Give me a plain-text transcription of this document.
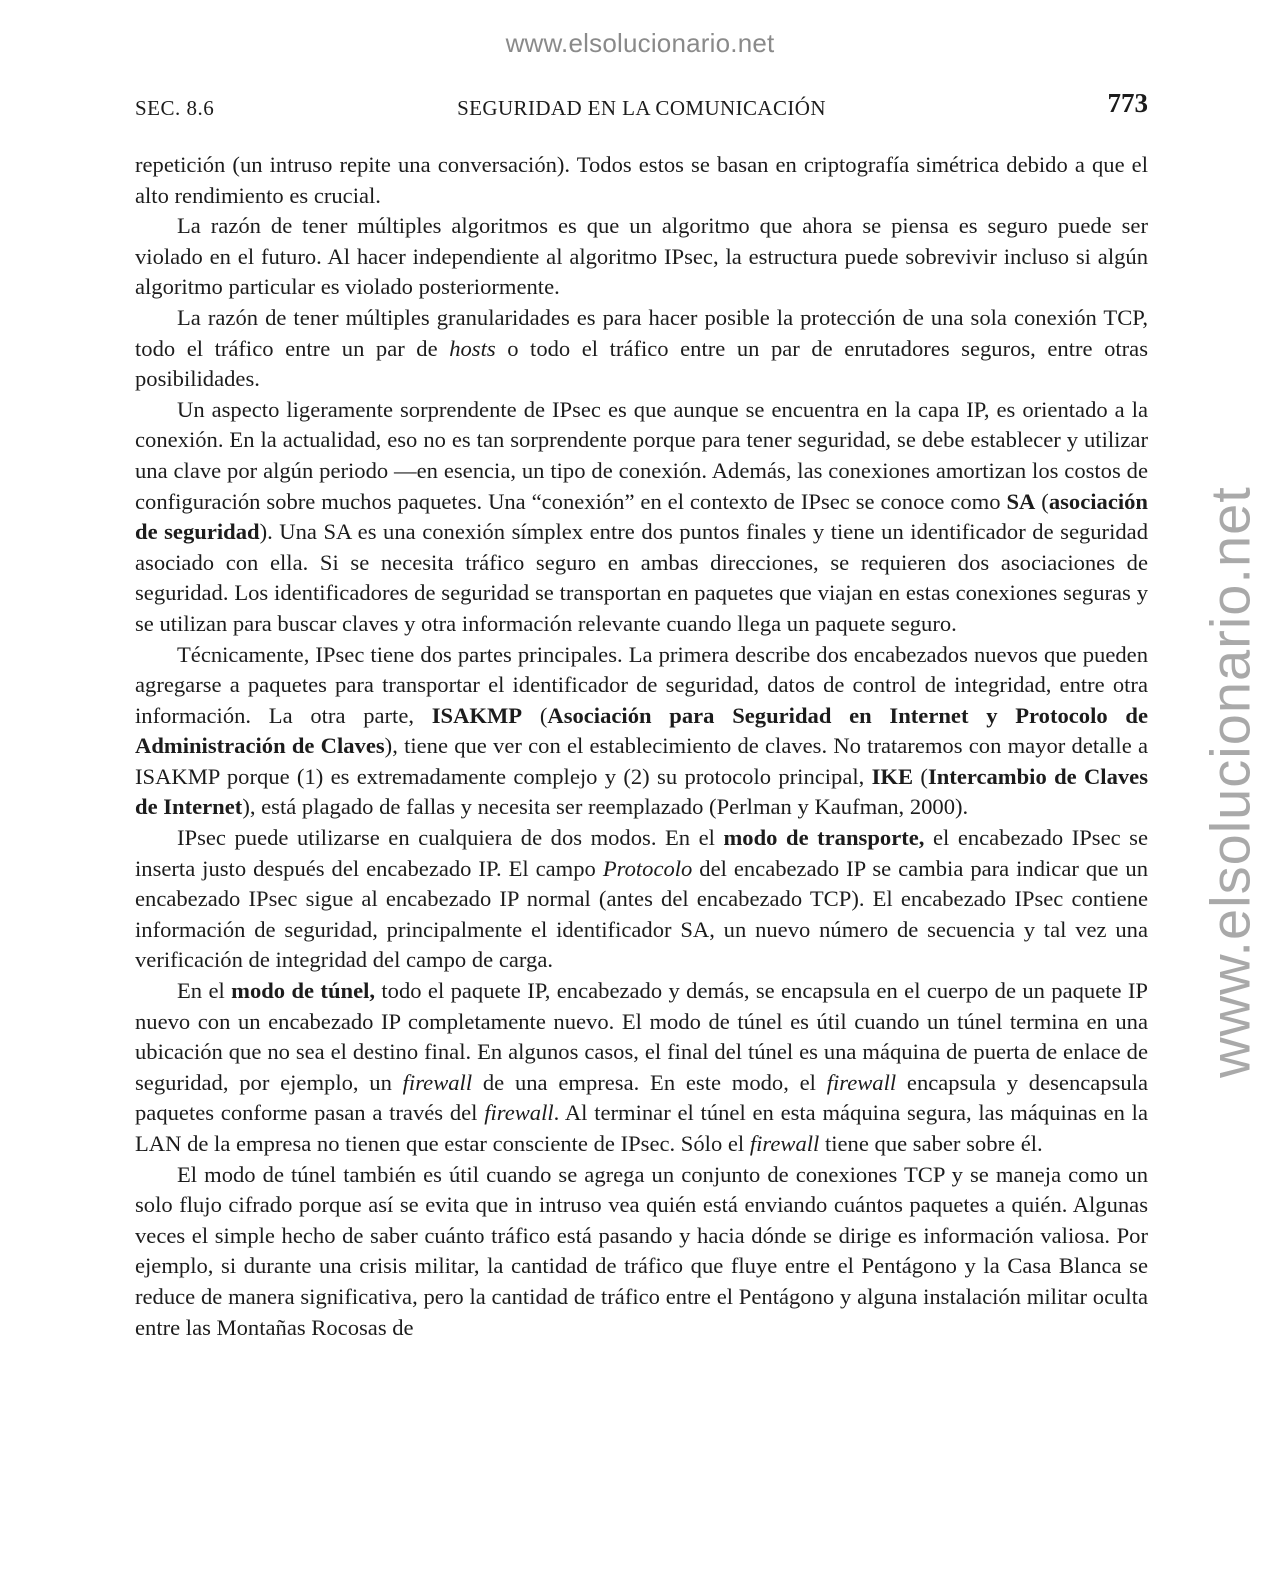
www.elsolucionario.net
www.elsolucionario.net
SEC. 8.6	SEGURIDAD EN LA COMUNICACIÓN	773

repetición (un intruso repite una conversación). Todos estos se basan en criptografía simétrica debido a que el alto rendimiento es crucial.

La razón de tener múltiples algoritmos es que un algoritmo que ahora se piensa es seguro puede ser violado en el futuro. Al hacer independiente al algoritmo IPsec, la estructura puede sobrevivir incluso si algún algoritmo particular es violado posteriormente.

La razón de tener múltiples granularidades es para hacer posible la protección de una sola conexión TCP, todo el tráfico entre un par de hosts o todo el tráfico entre un par de enrutadores seguros, entre otras posibilidades.

Un aspecto ligeramente sorprendente de IPsec es que aunque se encuentra en la capa IP, es orientado a la conexión. En la actualidad, eso no es tan sorprendente porque para tener seguridad, se debe establecer y utilizar una clave por algún periodo —en esencia, un tipo de conexión. Además, las conexiones amortizan los costos de configuración sobre muchos paquetes. Una “conexión” en el contexto de IPsec se conoce como SA (asociación de seguridad). Una SA es una conexión símplex entre dos puntos finales y tiene un identificador de seguridad asociado con ella. Si se necesita tráfico seguro en ambas direcciones, se requieren dos asociaciones de seguridad. Los identificadores de seguridad se transportan en paquetes que viajan en estas conexiones seguras y se utilizan para buscar claves y otra información relevante cuando llega un paquete seguro.

Técnicamente, IPsec tiene dos partes principales. La primera describe dos encabezados nuevos que pueden agregarse a paquetes para transportar el identificador de seguridad, datos de control de integridad, entre otra información. La otra parte, ISAKMP (Asociación para Seguridad en Internet y Protocolo de Administración de Claves), tiene que ver con el establecimiento de claves. No trataremos con mayor detalle a ISAKMP porque (1) es extremadamente complejo y (2) su protocolo principal, IKE (Intercambio de Claves de Internet), está plagado de fallas y necesita ser reemplazado (Perlman y Kaufman, 2000).

IPsec puede utilizarse en cualquiera de dos modos. En el modo de transporte, el encabezado IPsec se inserta justo después del encabezado IP. El campo Protocolo del encabezado IP se cambia para indicar que un encabezado IPsec sigue al encabezado IP normal (antes del encabezado TCP). El encabezado IPsec contiene información de seguridad, principalmente el identificador SA, un nuevo número de secuencia y tal vez una verificación de integridad del campo de carga.

En el modo de túnel, todo el paquete IP, encabezado y demás, se encapsula en el cuerpo de un paquete IP nuevo con un encabezado IP completamente nuevo. El modo de túnel es útil cuando un túnel termina en una ubicación que no sea el destino final. En algunos casos, el final del túnel es una máquina de puerta de enlace de seguridad, por ejemplo, un firewall de una empresa. En este modo, el firewall encapsula y desencapsula paquetes conforme pasan a través del firewall. Al terminar el túnel en esta máquina segura, las máquinas en la LAN de la empresa no tienen que estar consciente de IPsec. Sólo el firewall tiene que saber sobre él.

El modo de túnel también es útil cuando se agrega un conjunto de conexiones TCP y se maneja como un solo flujo cifrado porque así se evita que in intruso vea quién está enviando cuántos paquetes a quién. Algunas veces el simple hecho de saber cuánto tráfico está pasando y hacia dónde se dirige es información valiosa. Por ejemplo, si durante una crisis militar, la cantidad de tráfico que fluye entre el Pentágono y la Casa Blanca se reduce de manera significativa, pero la cantidad de tráfico entre el Pentágono y alguna instalación militar oculta entre las Montañas Rocosas de
